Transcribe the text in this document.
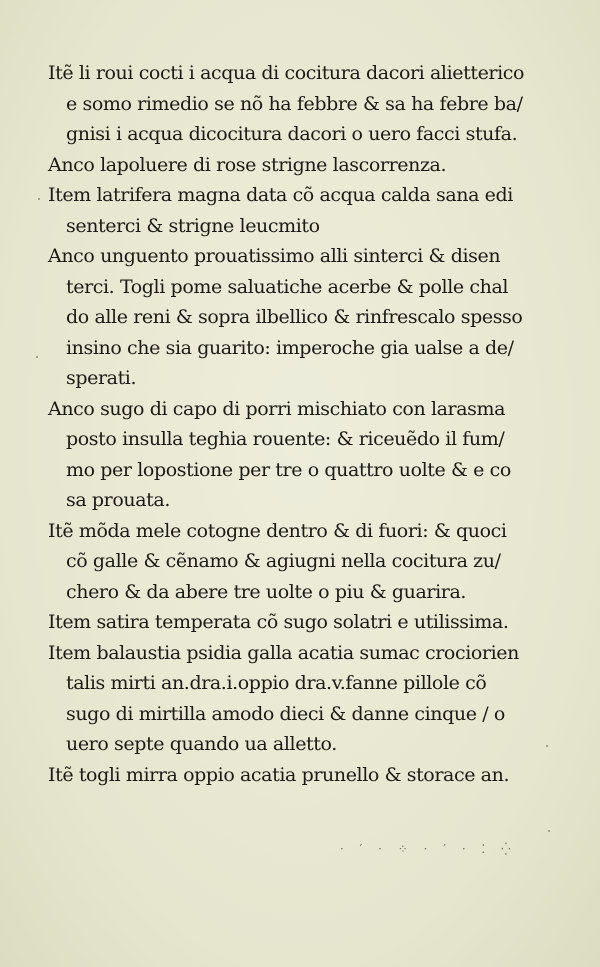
Itẽ li roui cocti i acqua di cocitura dacori alietterico
e somo rimedio se nõ ha febbre & sa ha febre ba/
gnisi i acqua dicocitura dacori o uero facci stufa.
Anco lapoluere di rose strigne lascorrenza.
Item latrifera magna data cõ acqua calda sana edi
senterci & strigne leucmito
Anco unguento prouatissimo alli sinterci & disen
terci. Togli pome saluatiche acerbe & polle chal
do alle reni & sopra ilbellico & rinfrescalo spesso
insino che sia guarito: imperoche gia ualse a de/
sperati.
Anco sugo di capo di porri mischiato con larasma
posto insulla teghia rouente: & riceuẽdo il fum/
mo per lopostione per tre o quattro uolte & e co
sa prouata.
Itẽ mõda mele cotogne dentro & di fuori: & quoci
cõ galle & cẽnamo & agiugni nella cocitura zu/
chero & da abere tre uolte o piu & guarira.
Item satira temperata cõ sugo solatri e utilissima.
Item balaustia psidia galla acatia sumac crociorien
talis mirti an.dra.i.oppio dra.v.fanne pillole cõ
sugo di mirtilla amodo dieci & danne cinque / o
uero septe quando ua alletto.
Itẽ togli mirra oppio acatia prunello & storace an.
· ′ · ⁘ · ′ · ⁚ ⁛
